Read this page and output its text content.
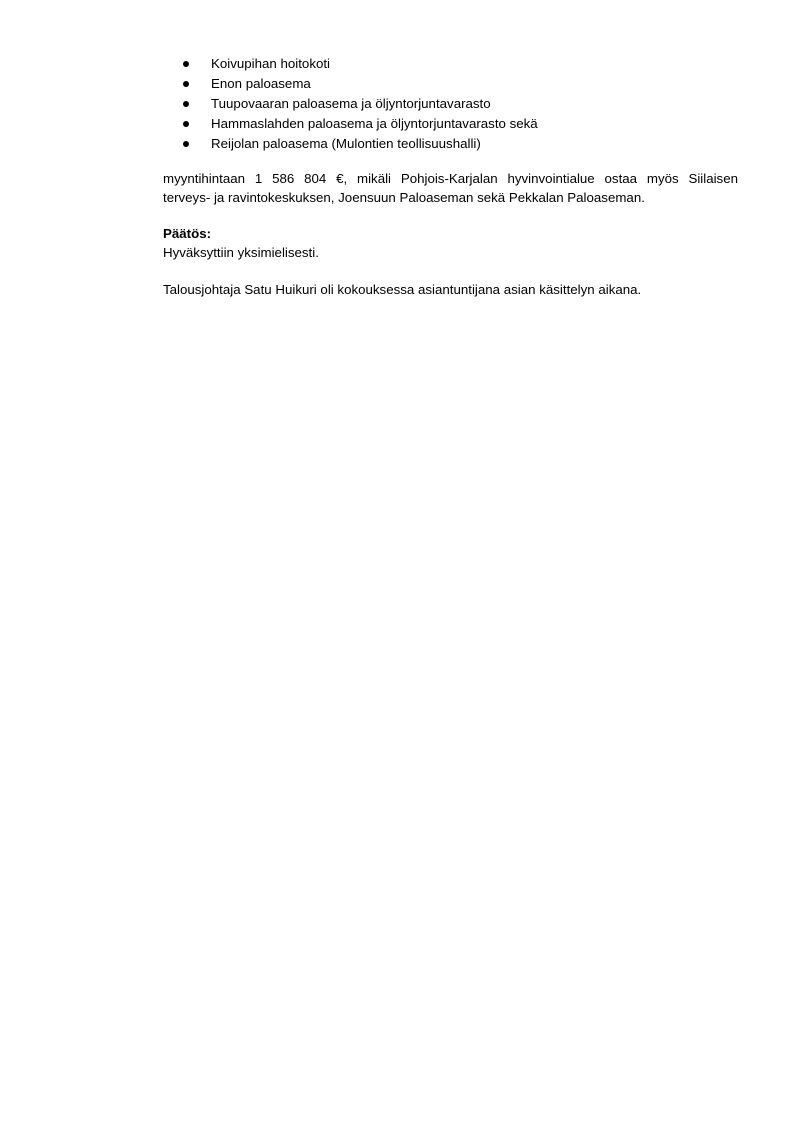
Koivupihan hoitokoti
Enon paloasema
Tuupovaaran paloasema ja öljyntorjuntavarasto
Hammaslahden paloasema ja öljyntorjuntavarasto sekä
Reijolan paloasema (Mulontien teollisuushalli)

myyntihintaan 1 586 804 €, mikäli Pohjois-Karjalan hyvinvointialue ostaa myös Siilaisen
terveys- ja ravintokeskuksen, Joensuun Paloaseman sekä Pekkalan Paloaseman.

Päätös:

Hyväksyttiin yksimielisesti.

Talousjohtaja Satu Huikuri oli kokouksessa asiantuntijana asian käsittelyn aikana.
